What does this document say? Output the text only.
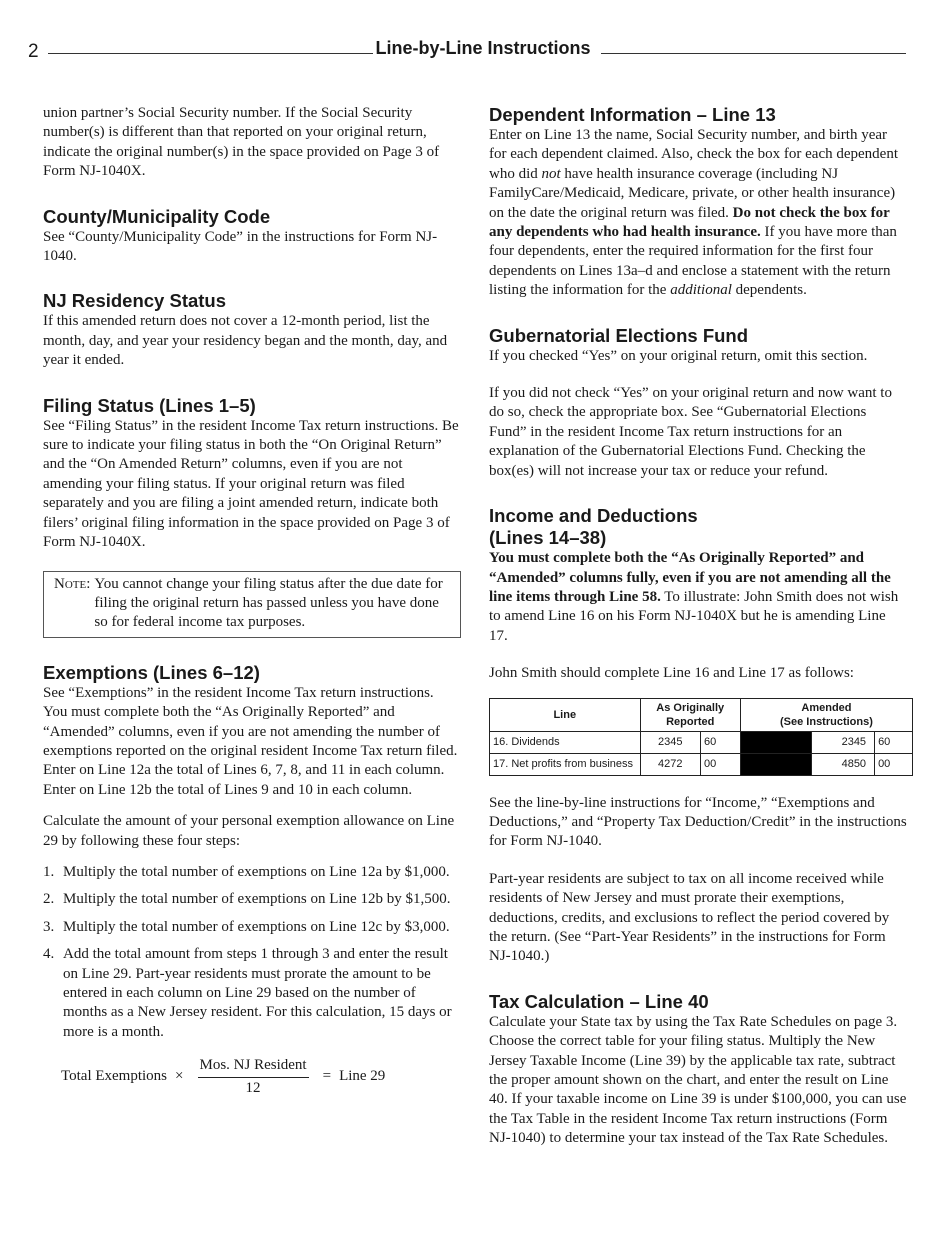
2	Line-by-Line Instructions

union partner’s Social Security number. If the Social Security number(s) is different than that reported on your original return, indicate the original number(s) in the space provided on Page 3 of Form NJ-1040X.

County/Municipality Code

See “County/Municipality Code” in the instructions for Form NJ-1040.

NJ Residency Status

If this amended return does not cover a 12-month period, list the month, day, and year your residency began and the month, day, and year it ended.

Filing Status (Lines 1–5)

See “Filing Status” in the resident Income Tax return instructions. Be sure to indicate your filing status in both the “On Original Return” and the “On Amended Return” columns, even if you are not amending your filing status. If your original return was filed separately and you are filing a joint amended return, indicate both filers’ original filing information in the space provided on Page 3 of Form NJ-1040X.

Note:	You cannot change your filing status after the due date for filing the original return has passed unless you have done so for federal income tax purposes.
Exemptions (Lines 6–12)

See “Exemptions” in the resident Income Tax return instructions. You must complete both the “As Originally Reported” and “Amended” columns, even if you are not amending the number of exemptions reported on the original resident Income Tax return filed. Enter on Line 12a the total of Lines 6, 7, 8, and 11 in each column. Enter on Line 12b the total of Lines 9 and 10 in each column.

Calculate the amount of your personal exemption allowance on Line 29 by following these four steps:

1. Multiply the total number of exemptions on Line 12a by $1,000.
2. Multiply the total number of exemptions on Line 12b by $1,500.
3. Multiply the total number of exemptions on Line 12c by $3,000.
4. Add the total amount from steps 1 through 3 and enter the result on Line 29. Part-year residents must prorate the amount to be entered in each column on Line 29 based on the number of months as a New Jersey resident. For this calculation, 15 days or more is a month.
Total Exemptions × $\frac{\text{Mos. NJ Resident}}{12}$ = Line 29
Dependent Information – Line 13

Enter on Line 13 the name, Social Security number, and birth year for each dependent claimed. Also, check the box for each dependent who did not have health insurance coverage (including NJ FamilyCare/Medicaid, Medicare, private, or other health insurance) on the date the original return was filed. Do not check the box for any dependents who had health insurance. If you have more than four dependents, enter the required information for the first four dependents on Lines 13a–d and enclose a statement with the return listing the information for the additional dependents.

Gubernatorial Elections Fund

If you checked “Yes” on your original return, omit this section.

If you did not check “Yes” on your original return and now want to do so, check the appropriate box. See “Gubernatorial Elections Fund” in the resident Income Tax return instructions for an explanation of the Gubernatorial Elections Fund. Checking the box(es) will not increase your tax or reduce your refund.

Income and Deductions
(Lines 14–38)

You must complete both the “As Originally Reported” and “Amended” columns fully, even if you are not amending all the line items through Line 58. To illustrate: John Smith does not wish to amend Line 16 on his Form NJ-1040X but he is amending Line 17.

John Smith should complete Line 16 and Line 17 as follows:

Line	As Originally
Reported		Amended
(See Instructions)		
16. Dividends	2345	60		2345	60
17. Net profits from business	4272	00		4850	00

See the line-by-line instructions for “Income,” “Exemptions and Deductions,” and “Property Tax Deduction/Credit” in the instructions for Form NJ-1040.

Part-year residents are subject to tax on all income received while residents of New Jersey and must prorate their exemptions, deductions, credits, and exclusions to reflect the period covered by the return. (See “Part-Year Residents” in the instructions for Form NJ-1040.)

Tax Calculation – Line 40

Calculate your State tax by using the Tax Rate Schedules on page 3. Choose the correct table for your filing status. Multiply the New Jersey Taxable Income (Line 39) by the applicable tax rate, subtract the proper amount shown on the chart, and enter the result on Line 40. If your taxable income on Line 39 is under $100,000, you can use the Tax Table in the resident Income Tax return instructions (Form NJ-1040) to determine your tax instead of the Tax Rate Schedules.
